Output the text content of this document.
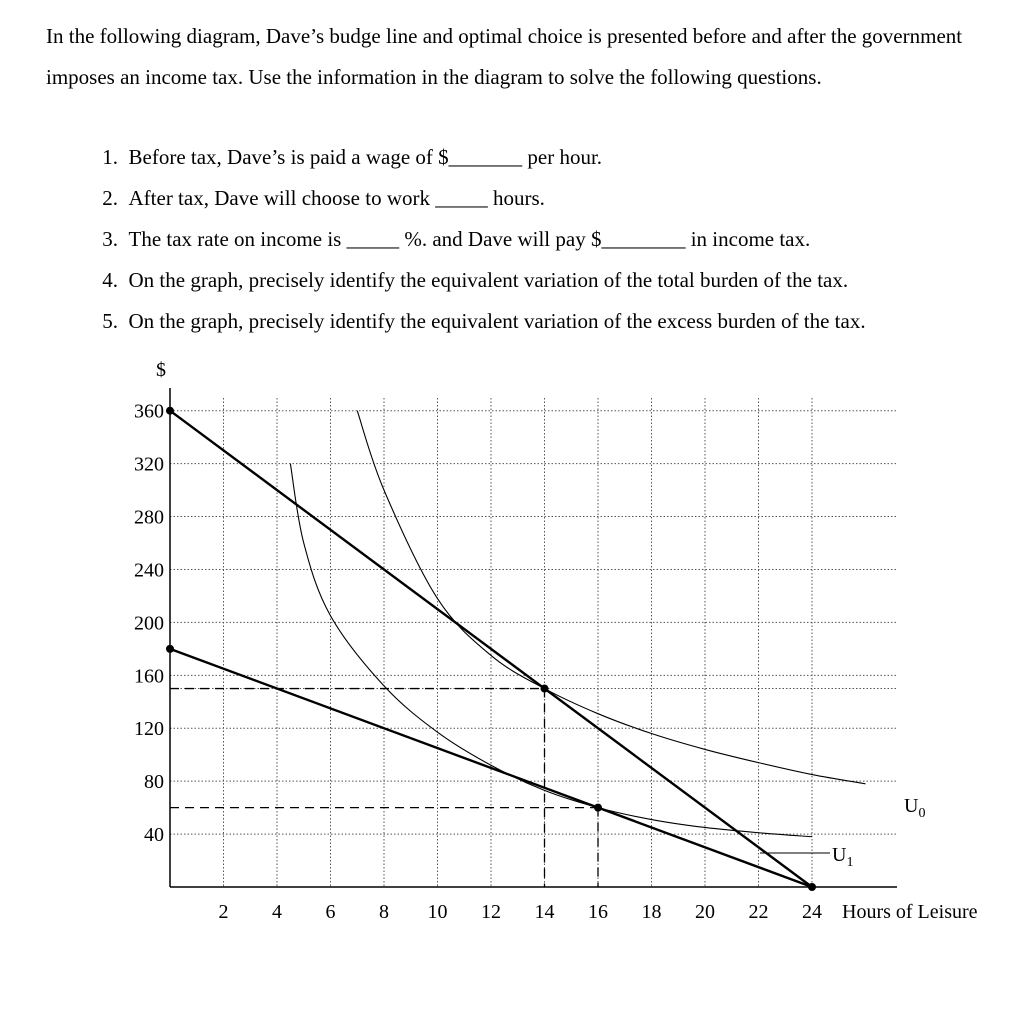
In the following diagram, Dave’s budge line and optimal choice is presented before and after the government imposes an income tax. Use the information in the diagram to solve the following questions.
1. Before tax, Dave’s is paid a wage of $_______ per hour.
2. After tax, Dave will choose to work _____ hours.
3. The tax rate on income is _____ %. and Dave will pay $________ in income tax.
4. On the graph, precisely identify the equivalent variation of the total burden of the tax.
5. On the graph, precisely identify the equivalent variation of the excess burden of the tax.
2 4 6 8 10 12 14 16 18 20 22 24
40
80
120
160
200
240
280
320
360
$
Hours of Leisure
$U_0$
$U_1$
